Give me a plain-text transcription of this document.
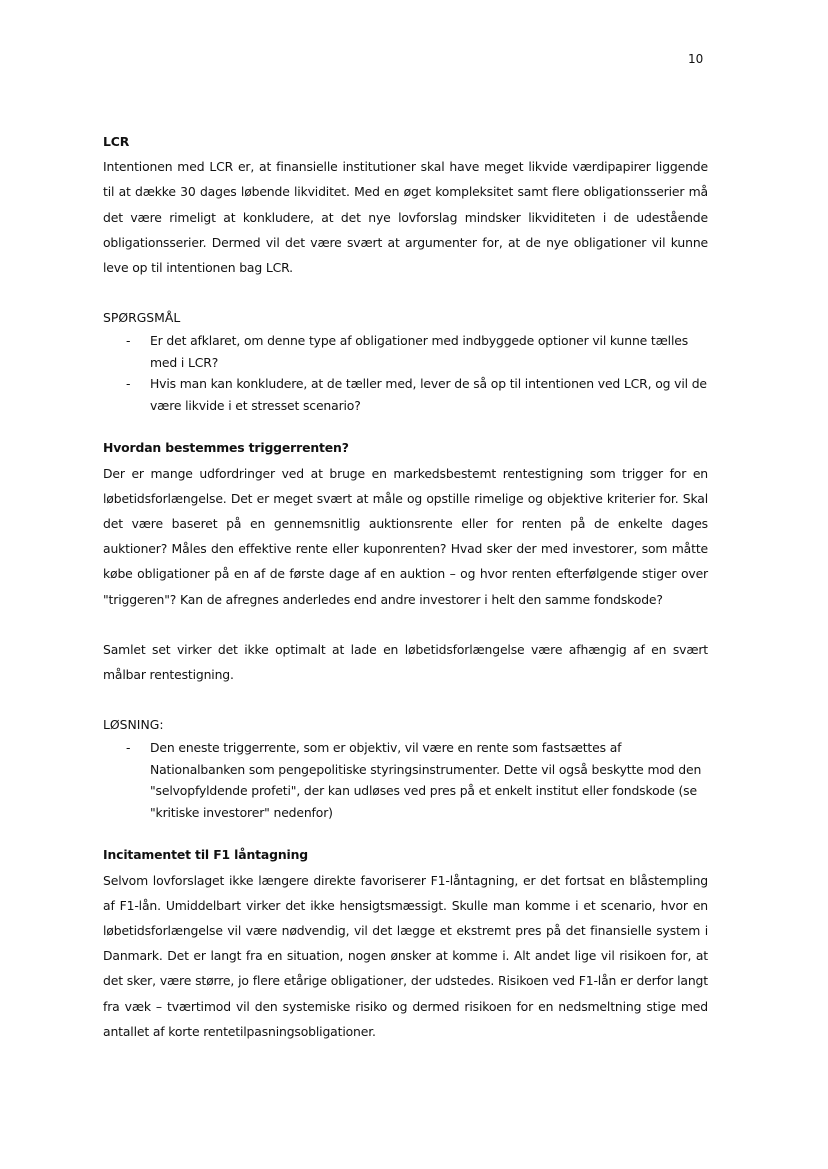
10
LCR

Intentionen med LCR er, at finansielle institutioner skal have meget likvide værdipapirer liggende til at dække 30 dages løbende likviditet. Med en øget kompleksitet samt flere obligationsserier må det være rimeligt at konkludere, at det nye lovforslag mindsker likviditeten i de udestående obligationsserier. Dermed vil det være svært at argumenter for, at de nye obligationer vil kunne leve op til intentionen bag LCR.

SPØRGSMÅL
- Er det afklaret, om denne type af obligationer med indbyggede optioner vil kunne tælles med i LCR?
- Hvis man kan konkludere, at de tæller med, lever de så op til intentionen ved LCR, og vil de være likvide i et stresset scenario?
Hvordan bestemmes triggerrenten?

Der er mange udfordringer ved at bruge en markedsbestemt rentestigning som trigger for en løbetidsforlængelse. Det er meget svært at måle og opstille rimelige og objektive kriterier for. Skal det være baseret på en gennemsnitlig auktionsrente eller for renten på de enkelte dages auktioner? Måles den effektive rente eller kuponrenten? Hvad sker der med investorer, som måtte købe obligationer på en af de første dage af en auktion – og hvor renten efterfølgende stiger over "triggeren"? Kan de afregnes anderledes end andre investorer i helt den samme fondskode?

Samlet set virker det ikke optimalt at lade en løbetidsforlængelse være afhængig af en svært målbar rentestigning.

LØSNING:
- Den eneste triggerrente, som er objektiv, vil være en rente som fastsættes af Nationalbanken som pengepolitiske styringsinstrumenter. Dette vil også beskytte mod den "selvopfyldende profeti", der kan udløses ved pres på et enkelt institut eller fondskode (se "kritiske investorer" nedenfor)
Incitamentet til F1 låntagning

Selvom lovforslaget ikke længere direkte favoriserer F1-låntagning, er det fortsat en blåstempling af F1-lån. Umiddelbart virker det ikke hensigtsmæssigt. Skulle man komme i et scenario, hvor en løbetidsforlængelse vil være nødvendig, vil det lægge et ekstremt pres på det finansielle system i Danmark. Det er langt fra en situation, nogen ønsker at komme i. Alt andet lige vil risikoen for, at det sker, være større, jo flere etårige obligationer, der udstedes. Risikoen ved F1-lån er derfor langt fra væk – tværtimod vil den systemiske risiko og dermed risikoen for en nedsmeltning stige med antallet af korte rentetilpasningsobligationer.
